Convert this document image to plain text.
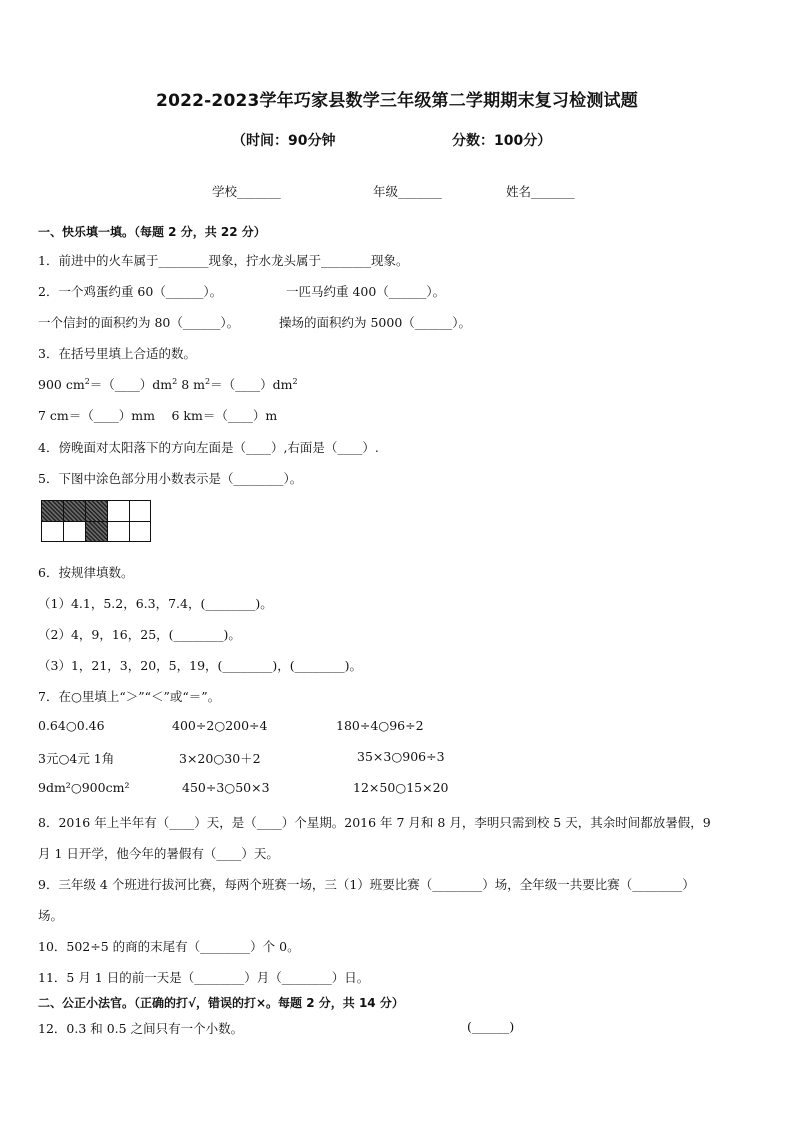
2022-2023学年巧家县数学三年级第二学期期末复习检测试题
（时间：90分钟	分数：100分）
学校_______	年级_______	姓名_______
一、快乐填一填。（每题 2 分，共 22 分）
1．前进中的火车属于________现象，拧水龙头属于________现象。
2．一个鸡蛋约重 60（______）。	一匹马约重 400（______）。
一个信封的面积约为 80（______）。	操场的面积约为 5000（______）。
3．在括号里填上合适的数。
900 $cm^2=(\_\_\_\_)dm^2$ 8 $m^2=(\_\_\_\_)dm^2$
7 cm＝（____）mm　 6 km＝（____）m
4．傍晚面对太阳落下的方向左面是（____）,右面是（____）.
5．下图中涂色部分用小数表示是（________）。
6．按规律填数。
（1）4.1，5.2，6.3，7.4，(________)。
（2）4，9，16，25，(________)。
（3）1，21，3，20，5，19，(________)，(________)。
7．在○里填上“＞”“＜”或“＝”。
0.64○0.46	400÷2○200÷4	180÷4○96÷2
3元○4元 1角	3×20○30＋2	35×3○906÷3
9dm²○900cm²	450÷3○50×3	12×50○15×20
8．2016 年上半年有（____）天，是（____）个星期。2016 年 7 月和 8 月，李明只需到校 5 天，其余时间都放暑假，9
月 1 日开学，他今年的暑假有（____）天。
9．三年级 4 个班进行拔河比赛，每两个班赛一场，三（1）班要比赛（________）场，全年级一共要比赛（________）
场。
10．502÷5 的商的末尾有（________）个 0。
11．5 月 1 日的前一天是（________）月（________）日。
二、公正小法官。（正确的打√，错误的打×。每题 2 分，共 14 分）
12．0.3 和 0.5 之间只有一个小数。	(______)
